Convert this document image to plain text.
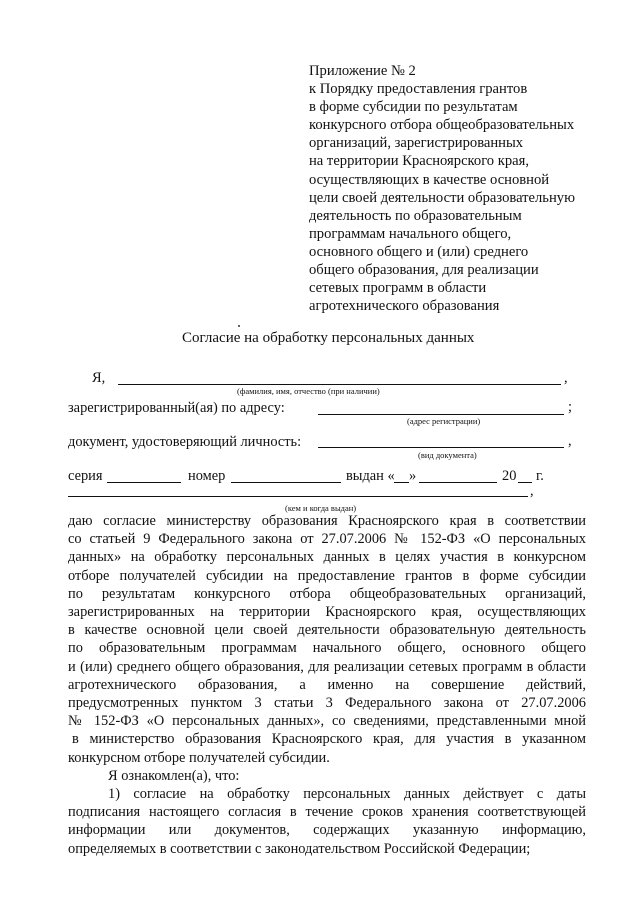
Приложение № 2
к Порядку предоставления грантов
в форме субсидии по результатам
конкурсного отбора общеобразовательных
организаций, зарегистрированных
на территории Красноярского края,
осуществляющих в качестве основной
цели своей деятельности образовательную
деятельность по образовательным
программам начального общего,
основного общего и (или) среднего
общего образования, для реализации
сетевых программ в области
агротехнического образования
Согласие на обработку персональных данных
Я,	,
(фамилия, имя, отчество (при наличии)
зарегистрированный(ая) по адресу:	;
(адрес регистрации)
документ, удостоверяющий личность:	,
(вид документа)
серия	номер	выдан « »	20 г.
,
(кем и когда выдан)
даю согласие министерству образования Красноярского края в соответствии
со статьей 9 Федерального закона от 27.07.2006 № 152-ФЗ «О персональных
данных» на обработку персональных данных в целях участия в конкурсном
отборе получателей субсидии на предоставление грантов в форме субсидии
по результатам конкурсного отбора общеобразовательных организаций,
зарегистрированных на территории Красноярского края, осуществляющих
в качестве основной цели своей деятельности образовательную деятельность
по образовательным программам начального общего, основного общего
и (или) среднего общего образования, для реализации сетевых программ в области
агротехнического образования, а именно на совершение действий,
предусмотренных пунктом 3 статьи 3 Федерального закона от 27.07.2006
№ 152-ФЗ «О персональных данных», со сведениями, представленными мной
в министерство образования Красноярского края, для участия в указанном
конкурсном отборе получателей субсидии.
Я ознакомлен(а), что:
1) согласие на обработку персональных данных действует с даты
подписания настоящего согласия в течение сроков хранения соответствующей
информации или документов, содержащих указанную информацию,
определяемых в соответствии с законодательством Российской Федерации;
